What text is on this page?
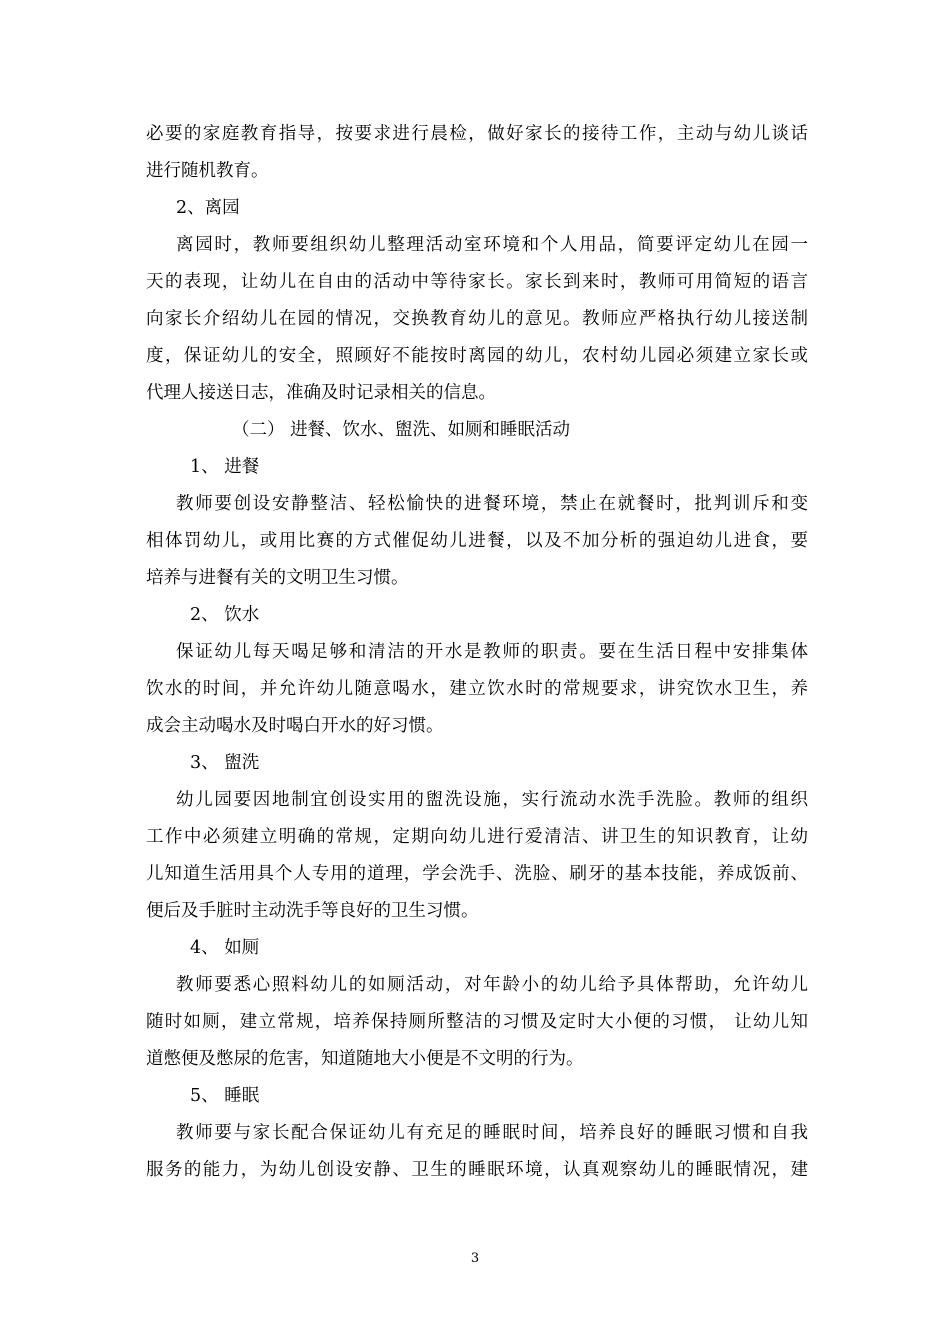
必要的家庭教育指导，按要求进行晨检，做好家长的接待工作，主动与幼儿谈话
进行随机教育。
2、离园
离园时，教师要组织幼儿整理活动室环境和个人用品，简要评定幼儿在园一
天的表现，让幼儿在自由的活动中等待家长。家长到来时，教师可用简短的语言
向家长介绍幼儿在园的情况，交换教育幼儿的意见。教师应严格执行幼儿接送制
度，保证幼儿的安全，照顾好不能按时离园的幼儿，农村幼儿园必须建立家长或
代理人接送日志，准确及时记录相关的信息。
（二） 进餐、饮水、盥洗、如厕和睡眠活动
1、 进餐
教师要创设安静整洁、轻松愉快的进餐环境，禁止在就餐时，批判训斥和变
相体罚幼儿，或用比赛的方式催促幼儿进餐，以及不加分析的强迫幼儿进食，要
培养与进餐有关的文明卫生习惯。
2、 饮水
保证幼儿每天喝足够和清洁的开水是教师的职责。要在生活日程中安排集体
饮水的时间，并允许幼儿随意喝水，建立饮水时的常规要求，讲究饮水卫生，养
成会主动喝水及时喝白开水的好习惯。
3、 盥洗
幼儿园要因地制宜创设实用的盥洗设施，实行流动水洗手洗脸。教师的组织
工作中必须建立明确的常规，定期向幼儿进行爱清洁、讲卫生的知识教育，让幼
儿知道生活用具个人专用的道理，学会洗手、洗脸、刷牙的基本技能，养成饭前、
便后及手脏时主动洗手等良好的卫生习惯。
4、 如厕
教师要悉心照料幼儿的如厕活动，对年龄小的幼儿给予具体帮助，允许幼儿
随时如厕，建立常规，培养保持厕所整洁的习惯及定时大小便的习惯， 让幼儿知
道憋便及憋尿的危害，知道随地大小便是不文明的行为。
5、 睡眠
教师要与家长配合保证幼儿有充足的睡眠时间，培养良好的睡眠习惯和自我
服务的能力，为幼儿创设安静、卫生的睡眠环境，认真观察幼儿的睡眠情况，建
3
